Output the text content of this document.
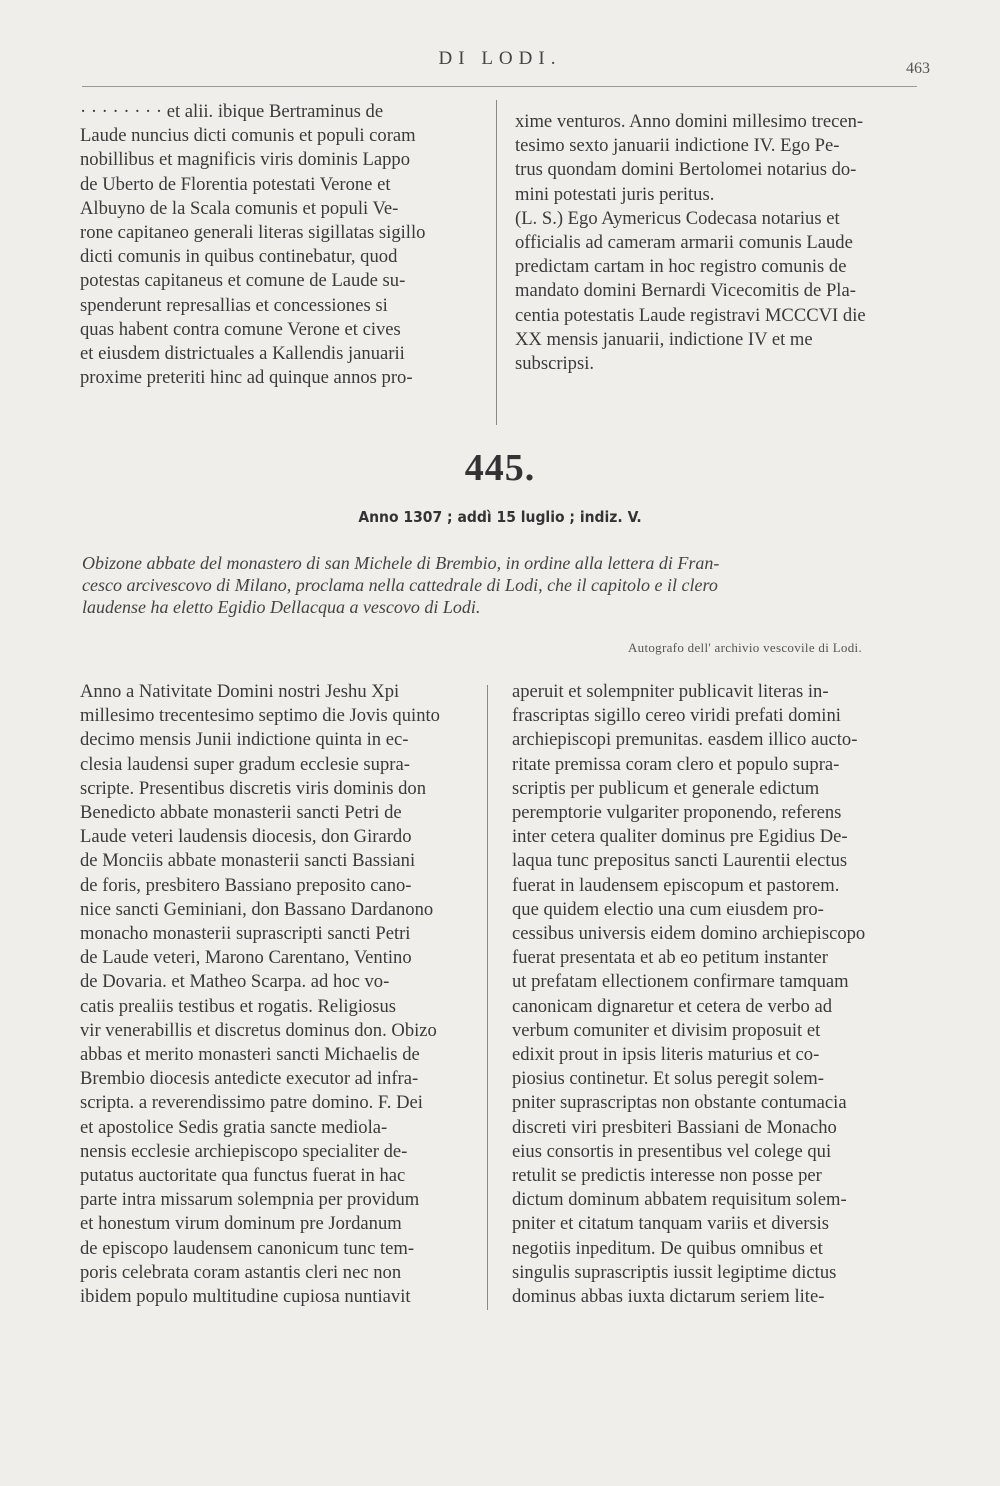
DI LODI.	463
· · · · · · · · et alii. ibique Bertraminus de
Laude nuncius dicti comunis et populi coram
nobillibus et magnificis viris dominis Lappo
de Uberto de Florentia potestati Verone et
Albuyno de la Scala comunis et populi Ve-
rone capitaneo generali literas sigillatas sigillo
dicti comunis in quibus continebatur, quod
potestas capitaneus et comune de Laude su-
spenderunt represallias et concessiones si
quas habent contra comune Verone et cives
et eiusdem districtuales a Kallendis januarii
proxime preteriti hinc ad quinque annos pro-
xime venturos. Anno domini millesimo trecen-
tesimo sexto januarii indictione IV. Ego Pe-
trus quondam domini Bertolomei notarius do-
mini potestati juris peritus.
(L. S.) Ego Aymericus Codecasa notarius et
officialis ad cameram armarii comunis Laude
predictam cartam in hoc registro comunis de
mandato domini Bernardi Vicecomitis de Pla-
centia potestatis Laude registravi MCCCVI die
XX mensis januarii, indictione IV et me
subscripsi.
445.
Anno 1307 ; addì 15 luglio ; indiz. V.
Obizone abbate del monastero di san Michele di Brembio, in ordine alla lettera di Fran-
cesco arcivescovo di Milano, proclama nella cattedrale di Lodi, che il capitolo e il clero
laudense ha eletto Egidio Dellacqua a vescovo di Lodi.
Autografo dell' archivio vescovile di Lodi.
Anno a Nativitate Domini nostri Jeshu Xpi
millesimo trecentesimo septimo die Jovis quinto
decimo mensis Junii indictione quinta in ec-
clesia laudensi super gradum ecclesie supra-
scripte. Presentibus discretis viris dominis don
Benedicto abbate monasterii sancti Petri de
Laude veteri laudensis diocesis, don Girardo
de Monciis abbate monasterii sancti Bassiani
de foris, presbitero Bassiano preposito cano-
nice sancti Geminiani, don Bassano Dardanono
monacho monasterii suprascripti sancti Petri
de Laude veteri, Marono Carentano, Ventino
de Dovaria. et Matheo Scarpa. ad hoc vo-
catis prealiis testibus et rogatis. Religiosus
vir venerabillis et discretus dominus don. Obizo
abbas et merito monasteri sancti Michaelis de
Brembio diocesis antedicte executor ad infra-
scripta. a reverendissimo patre domino. F. Dei
et apostolice Sedis gratia sancte mediola-
nensis ecclesie archiepiscopo specialiter de-
putatus auctoritate qua functus fuerat in hac
parte intra missarum solempnia per providum
et honestum virum dominum pre Jordanum
de episcopo laudensem canonicum tunc tem-
poris celebrata coram astantis cleri nec non
ibidem populo multitudine cupiosa nuntiavit
aperuit et solempniter publicavit literas in-
frascriptas sigillo cereo viridi prefati domini
archiepiscopi premunitas. easdem illico aucto-
ritate premissa coram clero et populo supra-
scriptis per publicum et generale edictum
peremptorie vulgariter proponendo, referens
inter cetera qualiter dominus pre Egidius De-
laqua tunc prepositus sancti Laurentii electus
fuerat in laudensem episcopum et pastorem.
que quidem electio una cum eiusdem pro-
cessibus universis eidem domino archiepiscopo
fuerat presentata et ab eo petitum instanter
ut prefatam ellectionem confirmare tamquam
canonicam dignaretur et cetera de verbo ad
verbum comuniter et divisim proposuit et
edixit prout in ipsis literis maturius et co-
piosius continetur. Et solus peregit solem-
pniter suprascriptas non obstante contumacia
discreti viri presbiteri Bassiani de Monacho
eius consortis in presentibus vel colege qui
retulit se predictis interesse non posse per
dictum dominum abbatem requisitum solem-
pniter et citatum tanquam variis et diversis
negotiis inpeditum. De quibus omnibus et
singulis suprascriptis iussit legiptime dictus
dominus abbas iuxta dictarum seriem lite-
